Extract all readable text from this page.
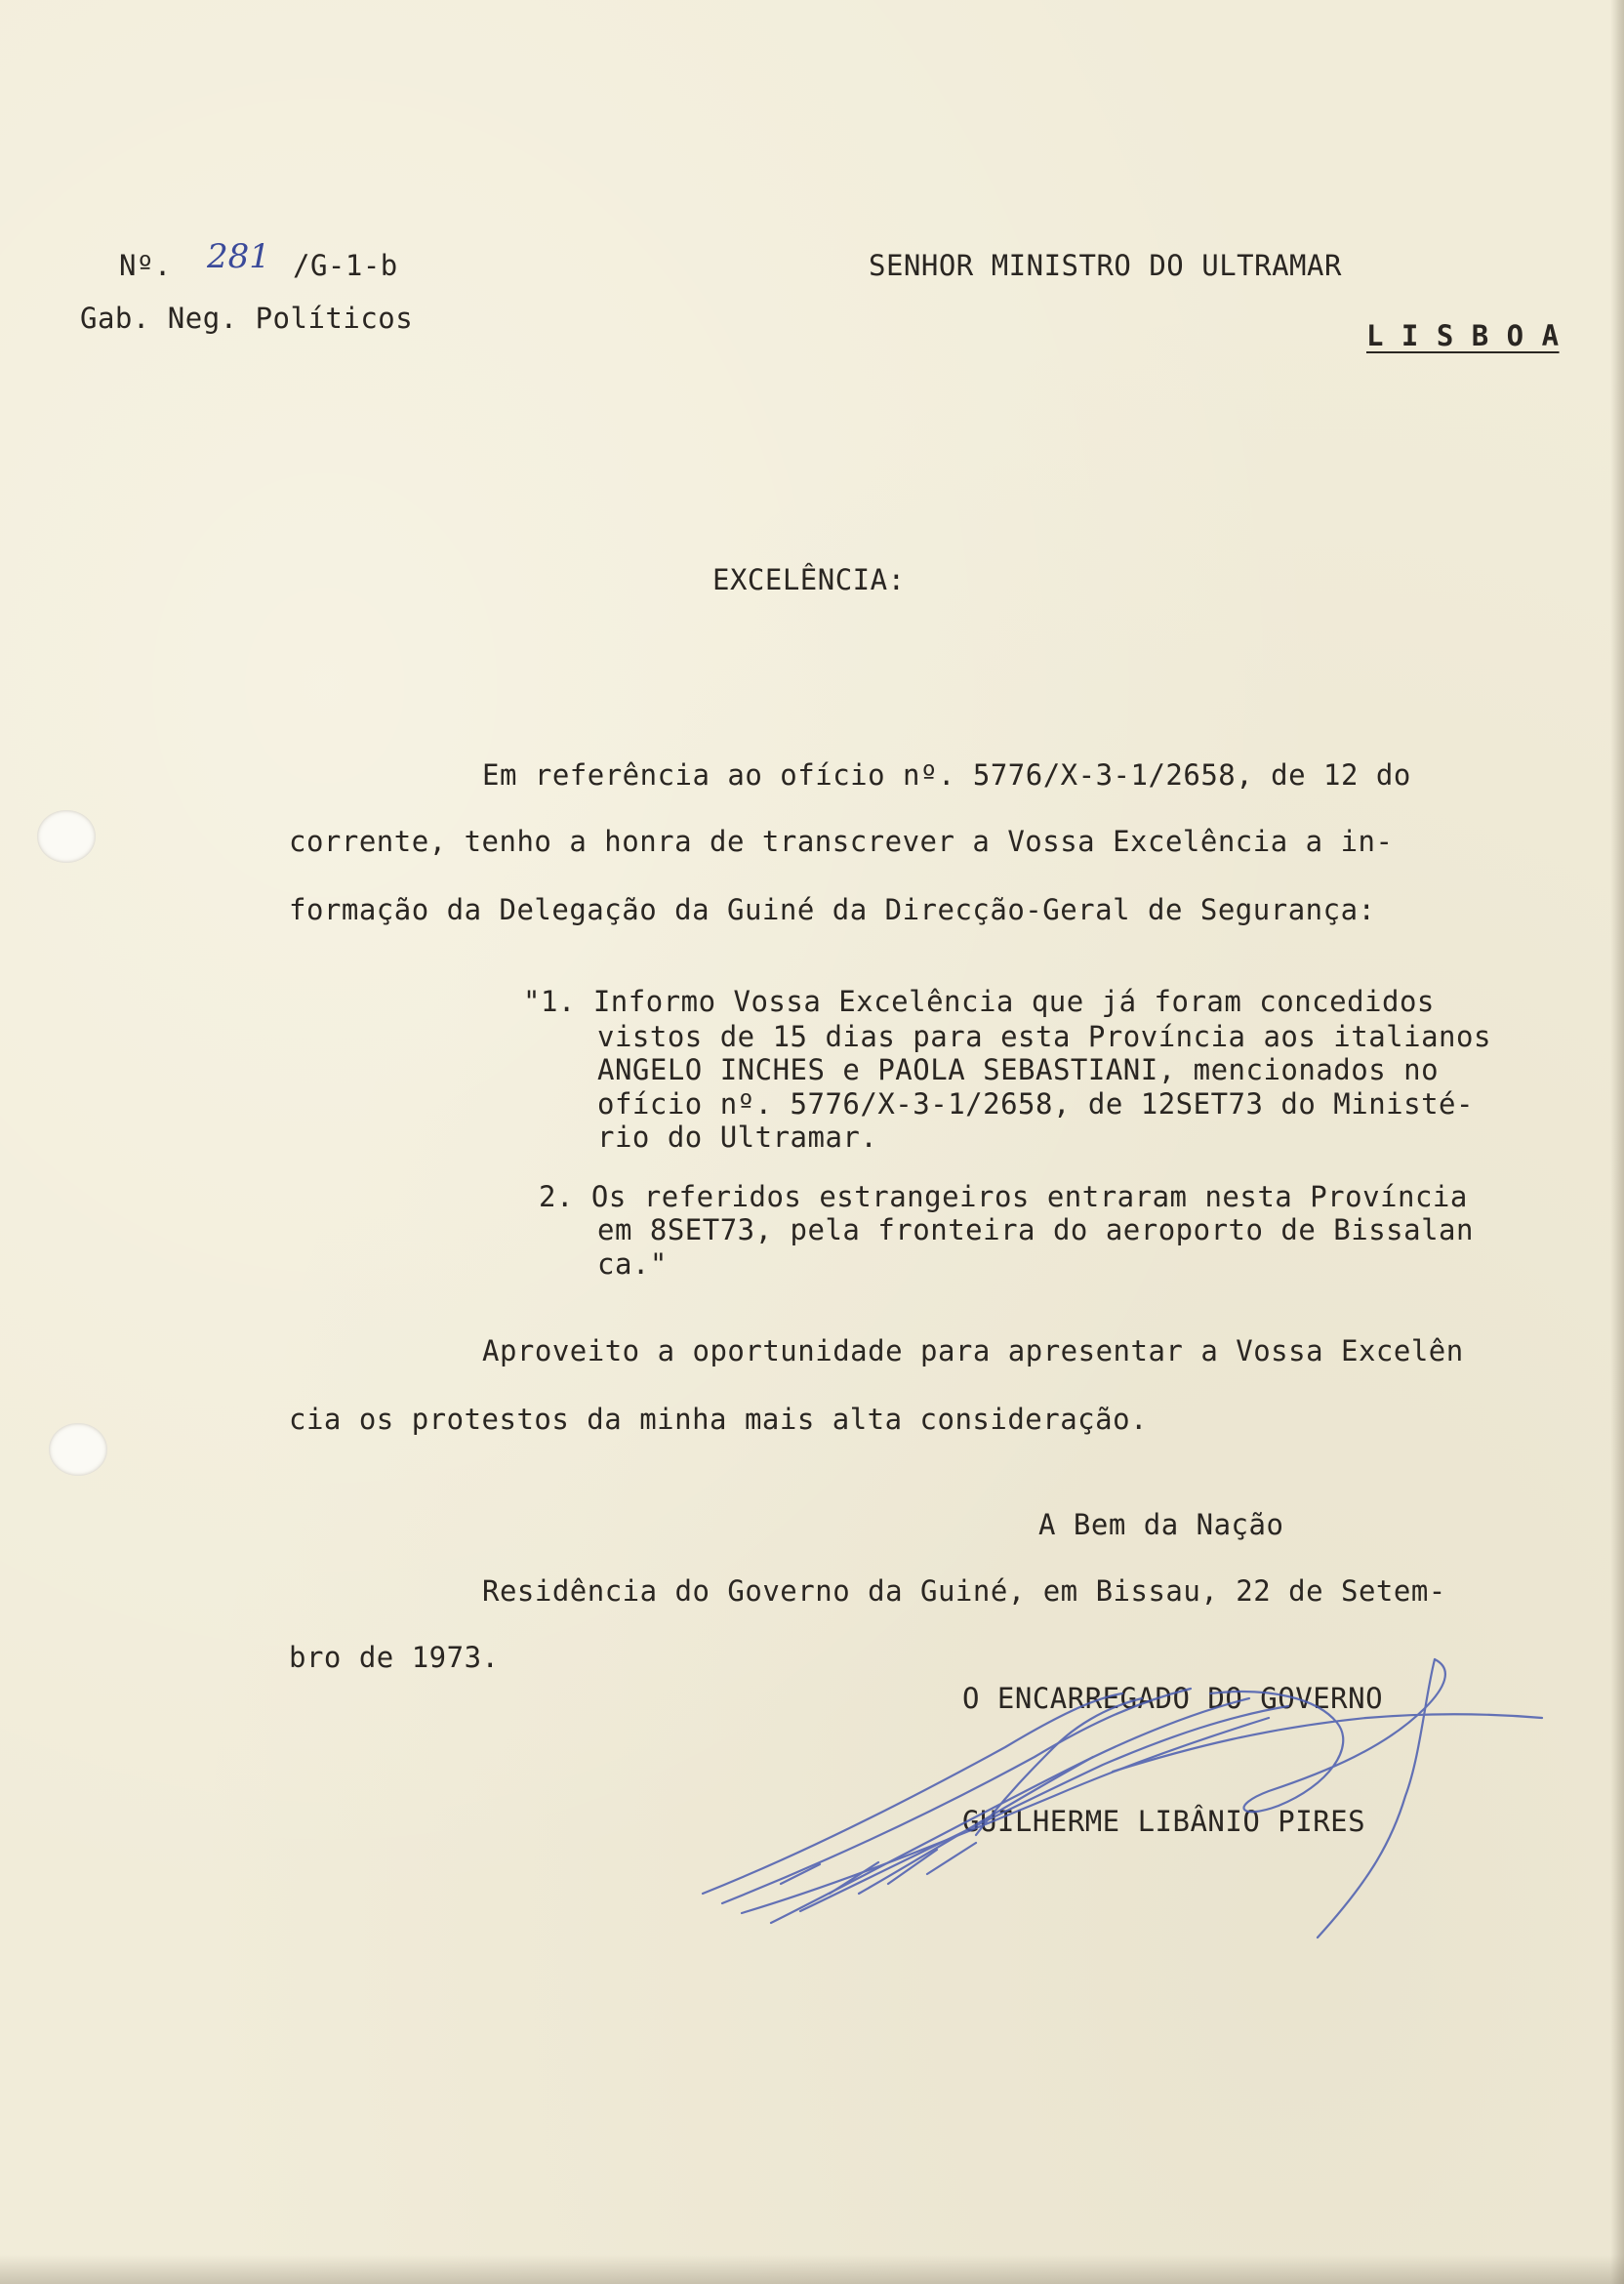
Nº. 281 /G-1-b
Gab. Neg. Políticos
SENHOR MINISTRO DO ULTRAMAR
L I S B O A
EXCELÊNCIA:
Em referência ao ofício nº. 5776/X-3-1/2658, de 12 do
corrente, tenho a honra de transcrever a Vossa Excelência a in-
formação da Delegação da Guiné da Direcção-Geral de Segurança:
"1. Informo Vossa Excelência que já foram concedidos
vistos de 15 dias para esta Província aos italianos
ANGELO INCHES e PAOLA SEBASTIANI, mencionados no
ofício nº. 5776/X-3-1/2658, de 12SET73 do Ministé-
rio do Ultramar.
2. Os referidos estrangeiros entraram nesta Província
em 8SET73, pela fronteira do aeroporto de Bissalan
ca."
Aproveito a oportunidade para apresentar a Vossa Excelên
cia os protestos da minha mais alta consideração.
A Bem da Nação
Residência do Governo da Guiné, em Bissau, 22 de Setem-
bro de 1973.
O ENCARREGADO DO GOVERNO
GUILHERME LIBÂNIO PIRES
